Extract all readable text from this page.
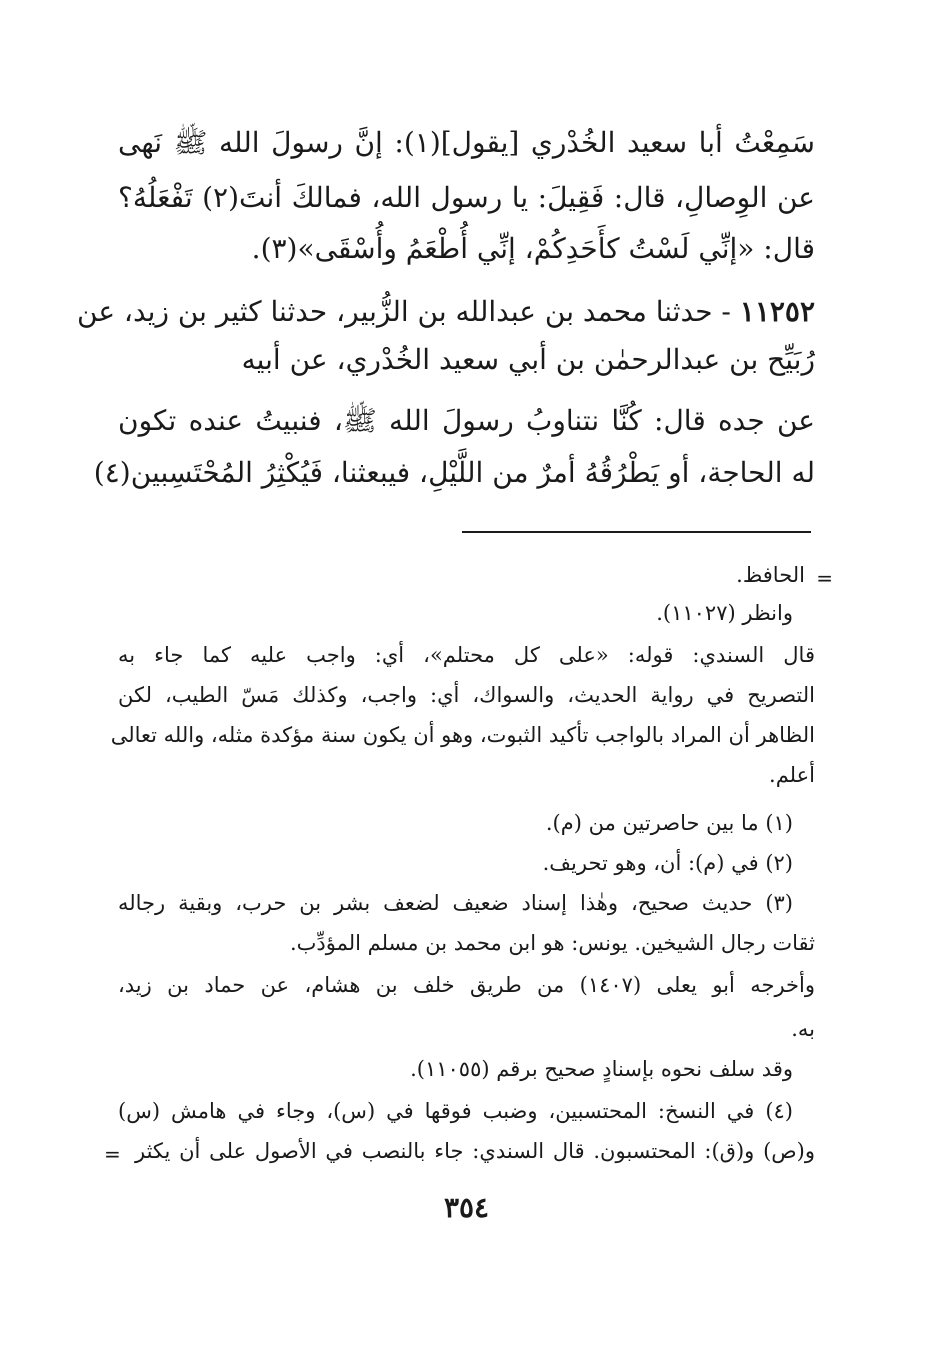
سَمِعْتُ أبا سعيد الخُدْري [يقول](١): إنَّ رسولَ الله ﷺ نَهى

عن الوِصالِ، قال: فَقِيلَ: يا رسول الله، فمالكَ أنتَ(٢) تَفْعَلُهُ؟

قال: «إنِّي لَسْتُ كأَحَدِكُمْ، إنِّي أُطْعَمُ وأُسْقَى»(٣).

١١٢٥٢ - حدثنا محمد بن عبدالله بن الزُّبير، حدثنا كثير بن زيد، عن

رُبَيِّح بن عبدالرحمٰن بن أبي سعيد الخُدْري، عن أبيه

عن جده قال: كُنَّا نتناوبُ رسولَ الله ﷺ، فنبيتُ عنده تكون

له الحاجة، أو يَطْرُقُهُ أمرٌ من اللَّيْلِ، فيبعثنا، فَيُكْثِرُ المُحْتَسِبين(٤)

=

الحافظ.

وانظر (١١٠٢٧).

قال السندي: قوله: «على كل محتلم»، أي: واجب عليه كما جاء به

التصريح في رواية الحديث، والسواك، أي: واجب، وكذلك مَسّ الطيب، لكن

الظاهر أن المراد بالواجب تأكيد الثبوت، وهو أن يكون سنة مؤكدة مثله، والله تعالى

أعلم.

(١) ما بين حاصرتين من (م).

(٢) في (م): أن، وهو تحريف.

(٣) حديث صحيح، وهٰذا إسناد ضعيف لضعف بشر بن حرب، وبقية رجاله

ثقات رجال الشيخين. يونس: هو ابن محمد بن مسلم المؤدِّب.

وأخرجه أبو يعلى (١٤٠٧) من طريق خلف بن هشام، عن حماد بن زيد،

به.

وقد سلف نحوه بإسنادٍ صحيح برقم (١١٠٥٥).

(٤) في النسخ: المحتسبين، وضبب فوقها في (س)، وجاء في هامش (س)

و(ص) و(ق): المحتسبون. قال السندي: جاء بالنصب في الأصول على أن يكثر

=
٣٥٤
